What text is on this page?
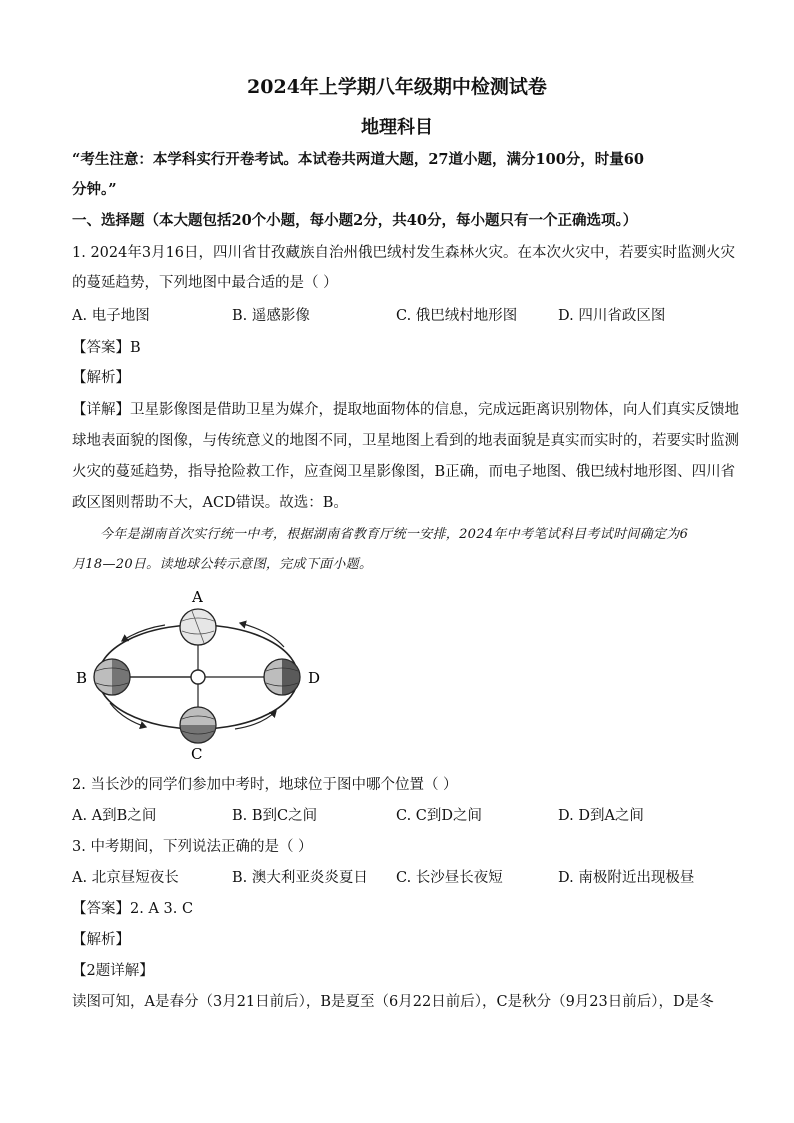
2024年上学期八年级期中检测试卷
地理科目
“考生注意：本学科实行开卷考试。本试卷共两道大题，27道小题，满分100分，时量60
分钟。”
一、选择题（本大题包括20个小题，每小题2分，共40分，每小题只有一个正确选项。）
1. 2024年3月16日，四川省甘孜藏族自治州俄巴绒村发生森林火灾。在本次火灾中，若要实时监测火灾
的蔓延趋势，下列地图中最合适的是（ ）
A. 电子地图	B. 遥感影像	C. 俄巴绒村地形图	D. 四川省政区图
【答案】B
【解析】
【详解】卫星影像图是借助卫星为媒介，提取地面物体的信息，完成远距离识别物体，向人们真实反馈地
球地表面貌的图像，与传统意义的地图不同，卫星地图上看到的地表面貌是真实而实时的，若要实时监测
火灾的蔓延趋势，指导抢险救工作，应查阅卫星影像图，B正确，而电子地图、俄巴绒村地形图、四川省
政区图则帮助不大，ACD错误。故选：B。
今年是湖南首次实行统一中考，根据湖南省教育厅统一安排，2024年中考笔试科目考试时间确定为6
月18—20日。读地球公转示意图，完成下面小题。
A
B
C
D
2. 当长沙的同学们参加中考时，地球位于图中哪个位置（ ）
A. A到B之间	B. B到C之间	C. C到D之间	D. D到A之间
3. 中考期间，下列说法正确的是（ ）
A. 北京昼短夜长	B. 澳大利亚炎炎夏日 C. 长沙昼长夜短	D. 南极附近出现极昼
【答案】2. A 3. C
【解析】
【2题详解】
读图可知，A是春分（3月21日前后），B是夏至（6月22日前后），C是秋分（9月23日前后），D是冬
